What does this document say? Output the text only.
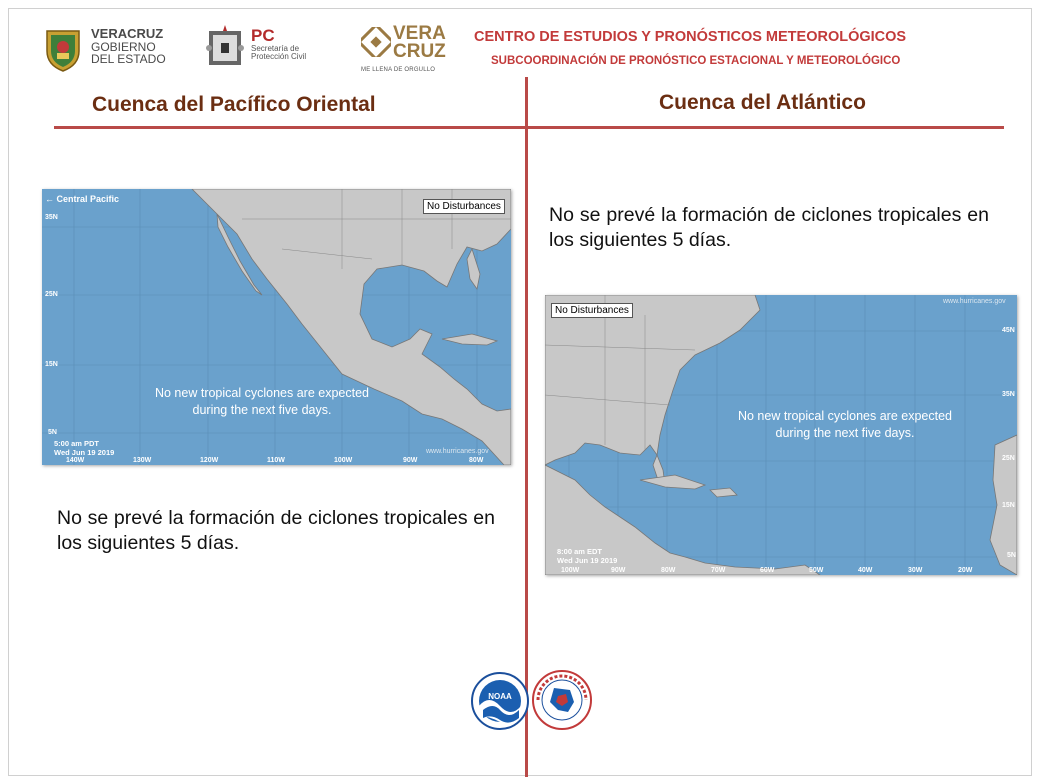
VERACRUZ
GOBIERNO
DEL ESTADO
PC
Secretaría de
Protección Civil
VERA
CRUZ
ME LLENA DE ORGULLO
CENTRO DE ESTUDIOS Y PRONÓSTICOS METEOROLÓGICOS
SUBCOORDINACIÓN DE PRONÓSTICO ESTACIONAL Y METEOROLÓGICO
Cuenca del Pacífico Oriental	Cuenca del Atlántico
← Central Pacific
No Disturbances
No new tropical cyclones are expected
during the next five days.
5:00 am PDT
Wed Jun 19 2019	www.hurricanes.gov
35N
25N
15N
5N
140W	130W	120W	110W	100W	90W	80W
No se prevé la formación de ciclones tropicales en los siguientes 5 días.
No se prevé la formación de ciclones tropicales en los siguientes 5 días.
No Disturbances
www.hurricanes.gov
No new tropical cyclones are expected
during the next five days.
8:00 am EDT
Wed Jun 19 2019
45N
35N
25N
15N
5N
100W	90W	80W	70W	60W	50W	40W	30W	20W
NOAA
